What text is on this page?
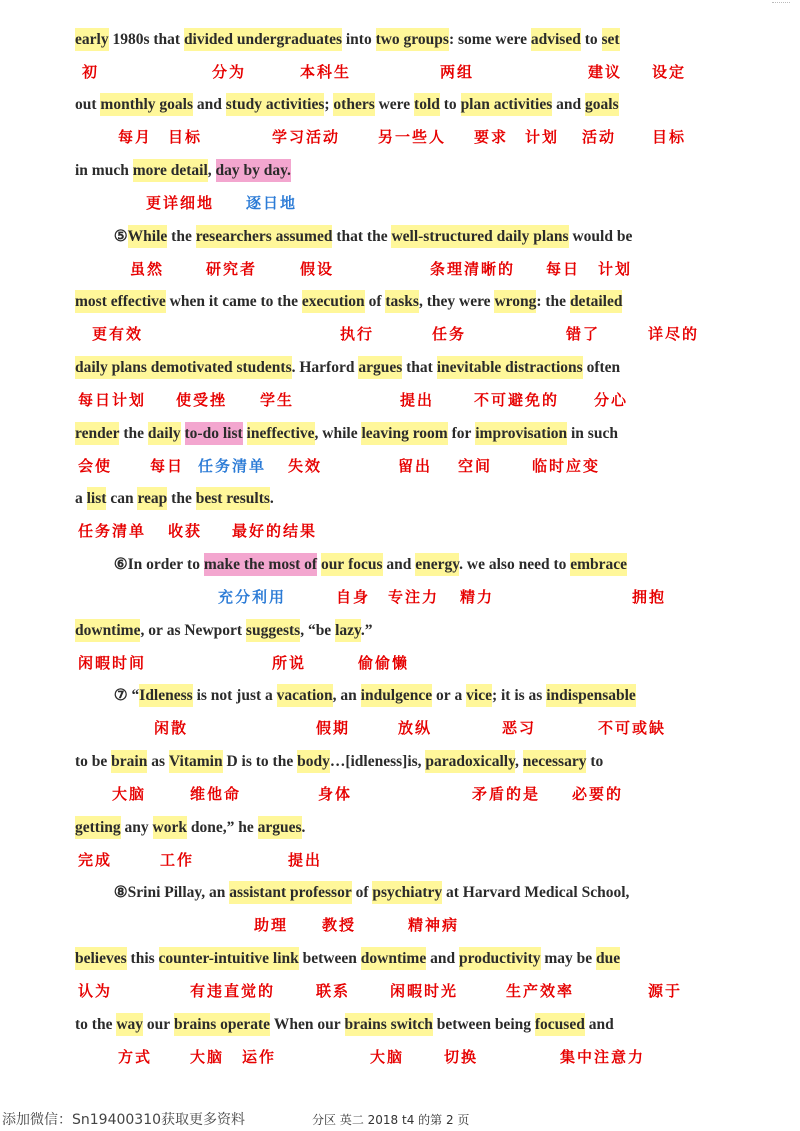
early 1980s that divided undergraduates into two groups: some were advised to set
out monthly goals and study activities; others were told to plan activities and goals
in much more detail, day by day.
⑤While the researchers assumed that the well-structured daily plans would be
most effective when it came to the execution of tasks, they were wrong: the detailed
daily plans demotivated students. Harford argues that inevitable distractions often
render the daily to-do list ineffective, while leaving room for improvisation in such
a list can reap the best results.
⑥In order to make the most of our focus and energy. we also need to embrace
downtime, or as Newport suggests, “be lazy.”
⑦ “Idleness is not just a vacation, an indulgence or a vice; it is as indispensable
to be brain as Vitamin D is to the body…[idleness]is, paradoxically, necessary to
getting any work done,” he argues.
⑧Srini Pillay, an assistant professor of psychiatry at Harvard Medical School,
believes this counter-intuitive link between downtime and productivity may be due
to the way our brains operate When our brains switch between being focused and
初	分为	本科生	两组	建议 设定
每月 目标	学习活动	另一些人 要求 计划 活动 目标
更详细地 逐日地
虽然	研究者	假设	条理清晰的 每日 计划
更有效	执行	任务	错了	详尽的
每日计划 使受挫 学生	提出	不可避免的 分心
会使	每日 任务清单 失效	留出 空间	临时应变
任务清单 收获 最好的结果
充分利用	自身 专注力 精力	拥抱
闲暇时间	所说	偷偷懒
闲散	假期	放纵	恶习	不可或缺
大脑	维他命	身体	矛盾的是 必要的
完成	工作	提出
助理 教授	精神病
认为	有违直觉的	联系	闲暇时光	生产效率	源于
方式	大脑 运作	大脑	切换	集中注意力
添加微信：Sn19400310获取更多资料	分区 英二 2018 t4 的第 2 页
